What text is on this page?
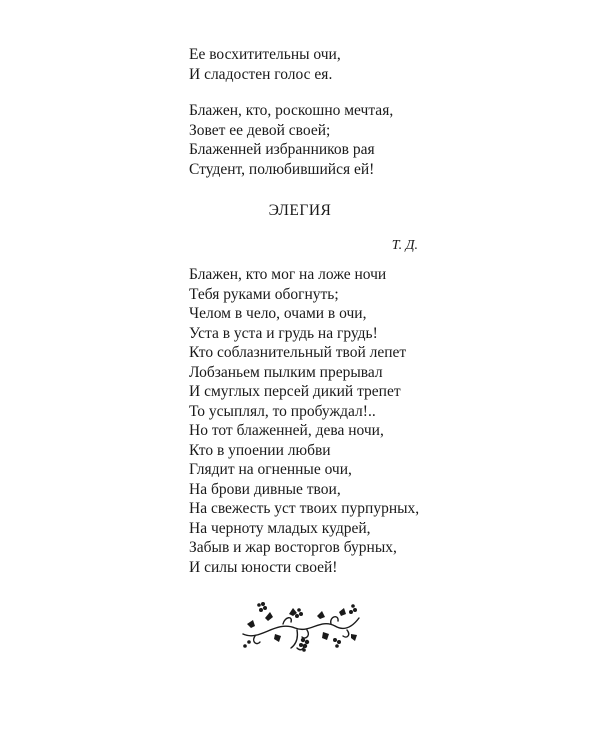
Ее восхитительны очи,
И сладостен голос ея.
Блажен, кто, роскошно мечтая,
Зовет ее девой своей;
Блаженней избранников рая
Студент, полюбившийся ей!
ЭЛЕГИЯ
Т. Д.
Блажен, кто мог на ложе ночи
Тебя руками обогнуть;
Челом в чело, очами в очи,
Уста в уста и грудь на грудь!
Кто соблазнительный твой лепет
Лобзаньем пылким прерывал
И смуглых персей дикий трепет
То усыплял, то пробуждал!..
Но тот блаженней, дева ночи,
Кто в упоении любви
Глядит на огненные очи,
На брови дивные твои,
На свежесть уст твоих пурпурных,
На черноту младых кудрей,
Забыв и жар восторгов бурных,
И силы юности своей!
